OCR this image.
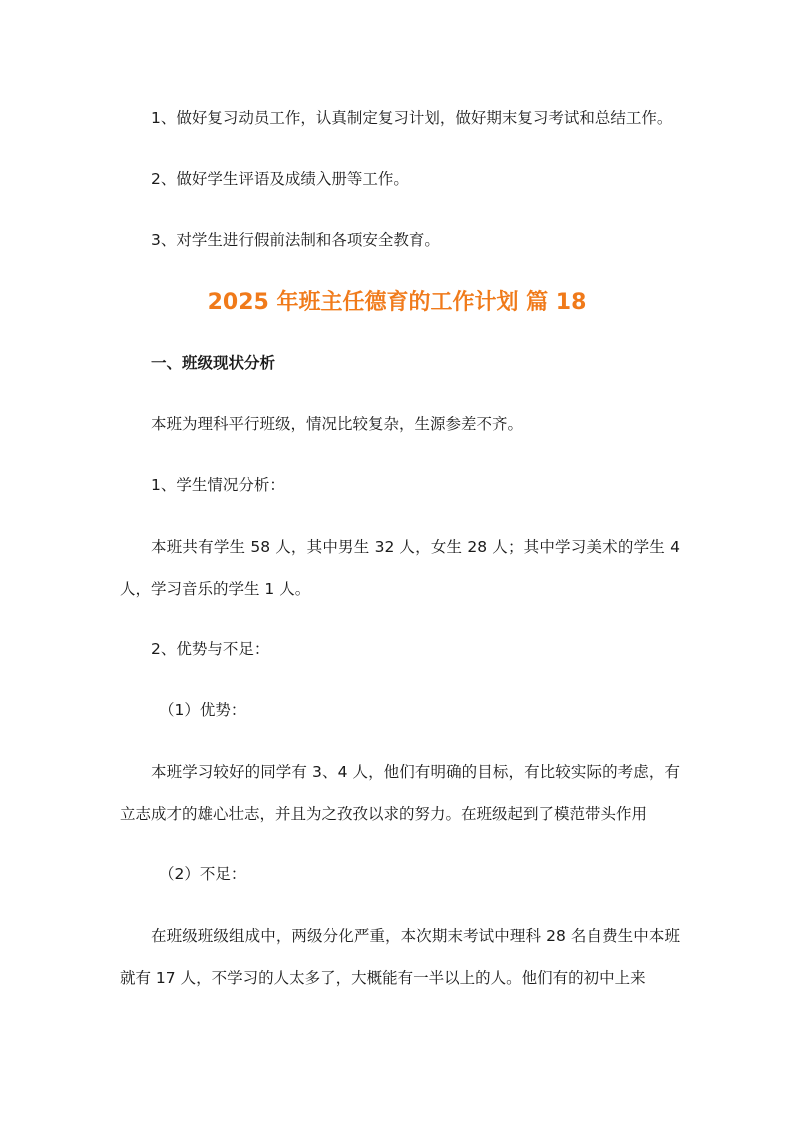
1、做好复习动员工作，认真制定复习计划，做好期末复习考试和总结工作。

2、做好学生评语及成绩入册等工作。

3、对学生进行假前法制和各项安全教育。

2025 年班主任德育的工作计划 篇 18

一、班级现状分析

本班为理科平行班级，情况比较复杂，生源参差不齐。

1、学生情况分析：

本班共有学生 58 人，其中男生 32 人，女生 28 人；其中学习美术的学生 4 人，学习音乐的学生 1 人。

2、优势与不足：

（1）优势：

本班学习较好的同学有 3、4 人，他们有明确的目标，有比较实际的考虑，有立志成才的雄心壮志，并且为之孜孜以求的努力。在班级起到了模范带头作用

（2）不足：

在班级班级组成中，两级分化严重，本次期末考试中理科 28 名自费生中本班就有 17 人，不学习的人太多了，大概能有一半以上的人。他们有的初中上来
